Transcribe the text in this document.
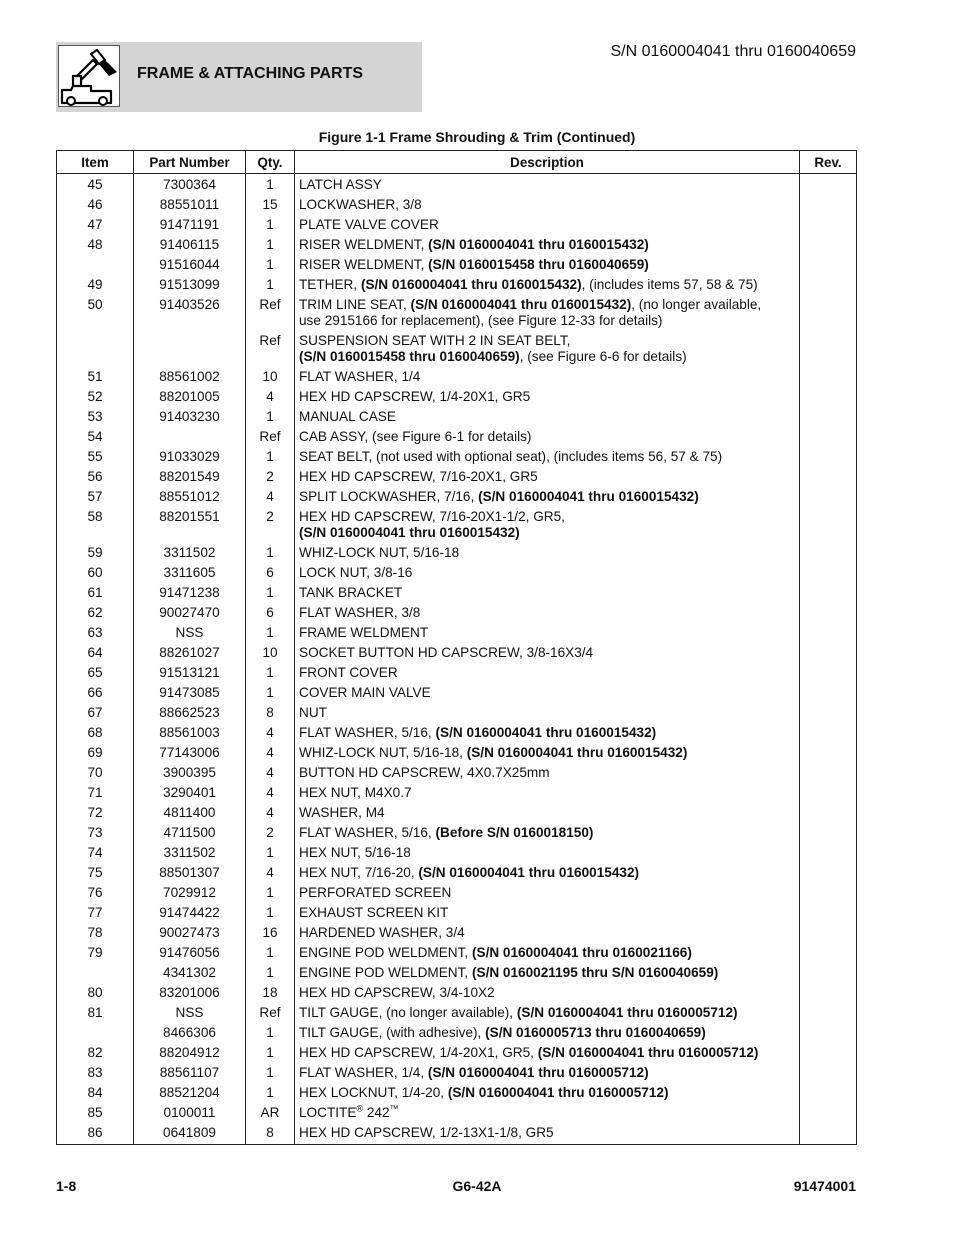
FRAME & ATTACHING PARTS
S/N 0160004041 thru 0160040659
Figure 1-1 Frame Shrouding & Trim (Continued)
Item	Part Number	Qty.	Description	Rev.
45	7300364	1	LATCH ASSY	
46	88551011	15	LOCKWASHER, 3/8	
47	91471191	1	PLATE VALVE COVER	
48	91406115	1	RISER WELDMENT, (S/N 0160004041 thru 0160015432)	
	91516044	1	RISER WELDMENT, (S/N 0160015458 thru 0160040659)	
49	91513099	1	TETHER, (S/N 0160004041 thru 0160015432), (includes items 57, 58 & 75)	
50	91403526	Ref	TRIM LINE SEAT, (S/N 0160004041 thru 0160015432), (no longer available,
use 2915166 for replacement), (see Figure 12-33 for details)	
		Ref	SUSPENSION SEAT WITH 2 IN SEAT BELT,
(S/N 0160015458 thru 0160040659), (see Figure 6-6 for details)	
51	88561002	10	FLAT WASHER, 1/4	
52	88201005	4	HEX HD CAPSCREW, 1/4-20X1, GR5	
53	91403230	1	MANUAL CASE	
54		Ref	CAB ASSY, (see Figure 6-1 for details)	
55	91033029	1	SEAT BELT, (not used with optional seat), (includes items 56, 57 & 75)	
56	88201549	2	HEX HD CAPSCREW, 7/16-20X1, GR5	
57	88551012	4	SPLIT LOCKWASHER, 7/16, (S/N 0160004041 thru 0160015432)	
58	88201551	2	HEX HD CAPSCREW, 7/16-20X1-1/2, GR5,
(S/N 0160004041 thru 0160015432)	
59	3311502	1	WHIZ-LOCK NUT, 5/16-18	
60	3311605	6	LOCK NUT, 3/8-16	
61	91471238	1	TANK BRACKET	
62	90027470	6	FLAT WASHER, 3/8	
63	NSS	1	FRAME WELDMENT	
64	88261027	10	SOCKET BUTTON HD CAPSCREW, 3/8-16X3/4	
65	91513121	1	FRONT COVER	
66	91473085	1	COVER MAIN VALVE	
67	88662523	8	NUT	
68	88561003	4	FLAT WASHER, 5/16, (S/N 0160004041 thru 0160015432)	
69	77143006	4	WHIZ-LOCK NUT, 5/16-18, (S/N 0160004041 thru 0160015432)	
70	3900395	4	BUTTON HD CAPSCREW, 4X0.7X25mm	
71	3290401	4	HEX NUT, M4X0.7	
72	4811400	4	WASHER, M4	
73	4711500	2	FLAT WASHER, 5/16, (Before S/N 0160018150)	
74	3311502	1	HEX NUT, 5/16-18	
75	88501307	4	HEX NUT, 7/16-20, (S/N 0160004041 thru 0160015432)	
76	7029912	1	PERFORATED SCREEN	
77	91474422	1	EXHAUST SCREEN KIT	
78	90027473	16	HARDENED WASHER, 3/4	
79	91476056	1	ENGINE POD WELDMENT, (S/N 0160004041 thru 0160021166)	
	4341302	1	ENGINE POD WELDMENT, (S/N 0160021195 thru S/N 0160040659)	
80	83201006	18	HEX HD CAPSCREW, 3/4-10X2	
81	NSS	Ref	TILT GAUGE, (no longer available), (S/N 0160004041 thru 0160005712)	
	8466306	1	TILT GAUGE, (with adhesive), (S/N 0160005713 thru 0160040659)	
82	88204912	1	HEX HD CAPSCREW, 1/4-20X1, GR5, (S/N 0160004041 thru 0160005712)	
83	88561107	1	FLAT WASHER, 1/4, (S/N 0160004041 thru 0160005712)	
84	88521204	1	HEX LOCKNUT, 1/4-20, (S/N 0160004041 thru 0160005712)	
85	0100011	AR	LOCTITE® 242™	
86	0641809	8	HEX HD CAPSCREW, 1/2-13X1-1/8, GR5	
1-8	G6-42A	91474001
